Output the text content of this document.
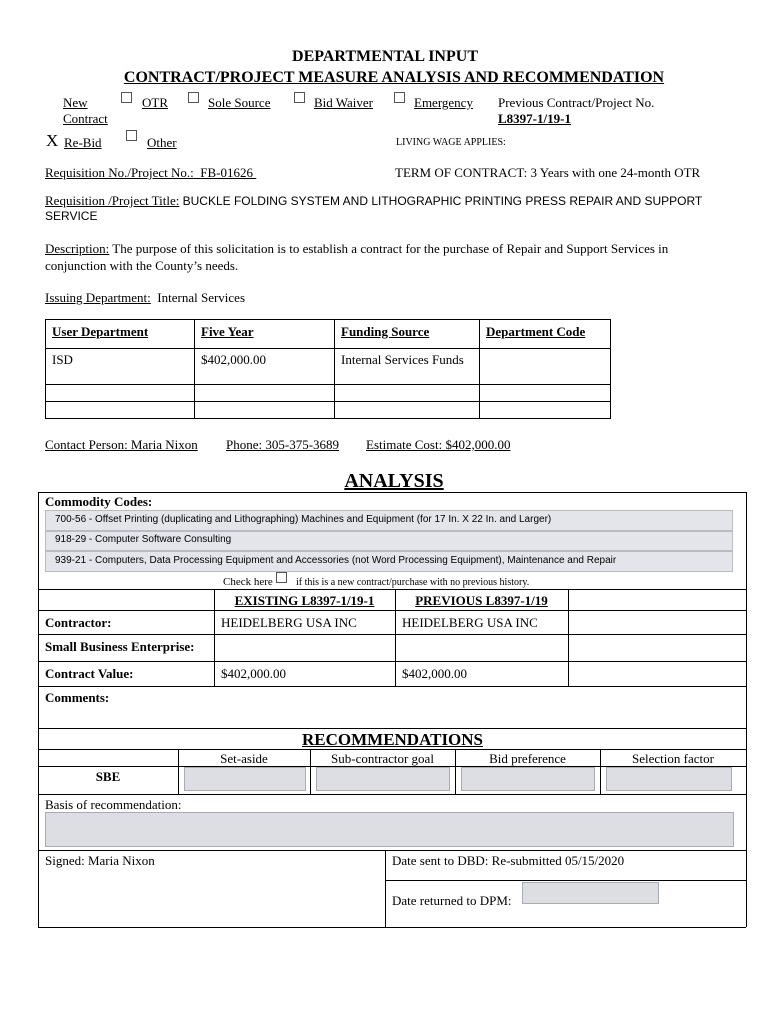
DEPARTMENTAL INPUT
CONTRACT/PROJECT MEASURE ANALYSIS AND RECOMMENDATION
New
Contract
OTR	Sole Source	Bid Waiver	Emergency Previous Contract/Project No.
L8397-1/19-1
X Re-Bid	Other	LIVING WAGE APPLIES:
Requisition No./Project No.: FB-01626	TERM OF CONTRACT: 3 Years with one 24-month OTR
Requisition /Project Title: BUCKLE FOLDING SYSTEM AND LITHOGRAPHIC PRINTING PRESS REPAIR AND SUPPORT
SERVICE
Description: The purpose of this solicitation is to establish a contract for the purchase of Repair and Support Services in
conjunction with the County’s needs.
Issuing Department: Internal Services
User Department	Five Year	Funding Source	Department Code
ISD	$402,000.00	Internal Services Funds	

Contact Person: Maria Nixon Phone: 305-375-3689 Estimate Cost: $402,000.00
ANALYSIS
Commodity Codes:
700-56 - Offset Printing (duplicating and Lithographing) Machines and Equipment (for 17 In. X 22 In. and Larger)
918-29 - Computer Software Consulting
939-21 - Computers, Data Processing Equipment and Accessories (not Word Processing Equipment), Maintenance and Repair
Check here if this is a new contract/purchase with no previous history.
EXISTING L8397-1/19-1	PREVIOUS L8397-1/19
Contractor:	HEIDELBERG USA INC	HEIDELBERG USA INC
Small Business Enterprise:
Contract Value:	$402,000.00	$402,000.00
Comments:
RECOMMENDATIONS
Set-aside	Sub-contractor goal	Bid preference	Selection factor
SBE
Basis of recommendation:
Signed: Maria Nixon	Date sent to DBD: Re-submitted 05/15/2020
Date returned to DPM:
